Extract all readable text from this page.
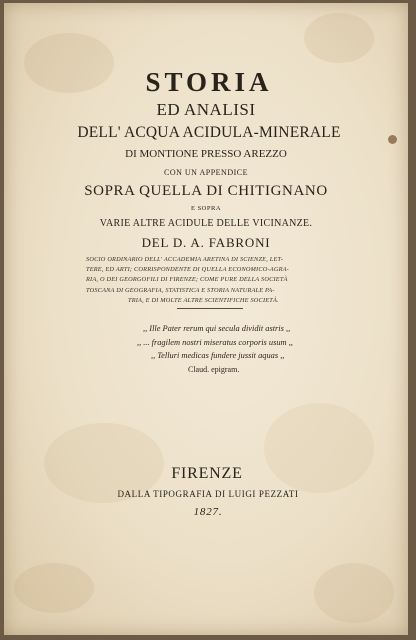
STORIA

ED ANALISI

DELL' ACQUA ACIDULA-MINERALE

DI MONTIONE PRESSO AREZZO

CON UN APPENDICE

SOPRA QUELLA DI CHITIGNANO

E SOPRA

VARIE ALTRE ACIDULE DELLE VICINANZE.

DEL D. A. FABRONI

SOCIO ORDINARIO DELL' ACCADEMIA ARETINA DI SCIENZE, LET-
TERE, ED ARTI; CORRISPONDENTE DI QUELLA ECONOMICO-AGRA-
RIA, O DEI GEORGOFILI DI FIRENZE; COME PURE DELLA SOCIETÀ
TOSCANA DI GEOGRAFIA, STATISTICA E STORIA NATURALE PA-
TRIA, E DI MOLTE ALTRE SCIENTIFICHE SOCIETÀ.
,, Ille Pater rerum qui secula dividit astris ,,
,, ... fragilem nostri miseratus corporis usum ,,
,, Telluri medicas fundere jussit aquas ,,
Claud. epigram.

FIRENZE

DALLA TIPOGRAFIA DI LUIGI PEZZATI

1827.
